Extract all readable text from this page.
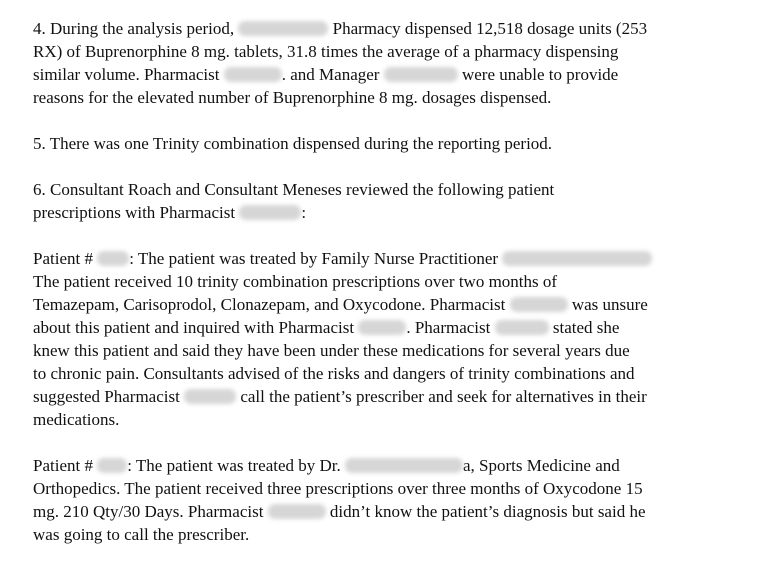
4. During the analysis period,	Pharmacy dispensed 12,518 dosage units (253
RX) of Buprenorphine 8 mg. tablets, 31.8 times the average of a pharmacy dispensing
similar volume. Pharmacist	. and Manager	were unable to provide
reasons for the elevated number of Buprenorphine 8 mg. dosages dispensed.
5. There was one Trinity combination dispensed during the reporting period.
6. Consultant Roach and Consultant Meneses reviewed the following patient
prescriptions with Pharmacist	:
Patient # : The patient was treated by Family Nurse Practitioner
The patient received 10 trinity combination prescriptions over two months of
Temazepam, Carisoprodol, Clonazepam, and Oxycodone. Pharmacist	was unsure
about this patient and inquired with Pharmacist	. Pharmacist	stated she
knew this patient and said they have been under these medications for several years due
to chronic pain. Consultants advised of the risks and dangers of trinity combinations and
suggested Pharmacist	call the patient’s prescriber and seek for alternatives in their
medications.
Patient # : The patient was treated by Dr.	a, Sports Medicine and
Orthopedics. The patient received three prescriptions over three months of Oxycodone 15
mg. 210 Qty/30 Days. Pharmacist	didn’t know the patient’s diagnosis but said he
was going to call the prescriber.
